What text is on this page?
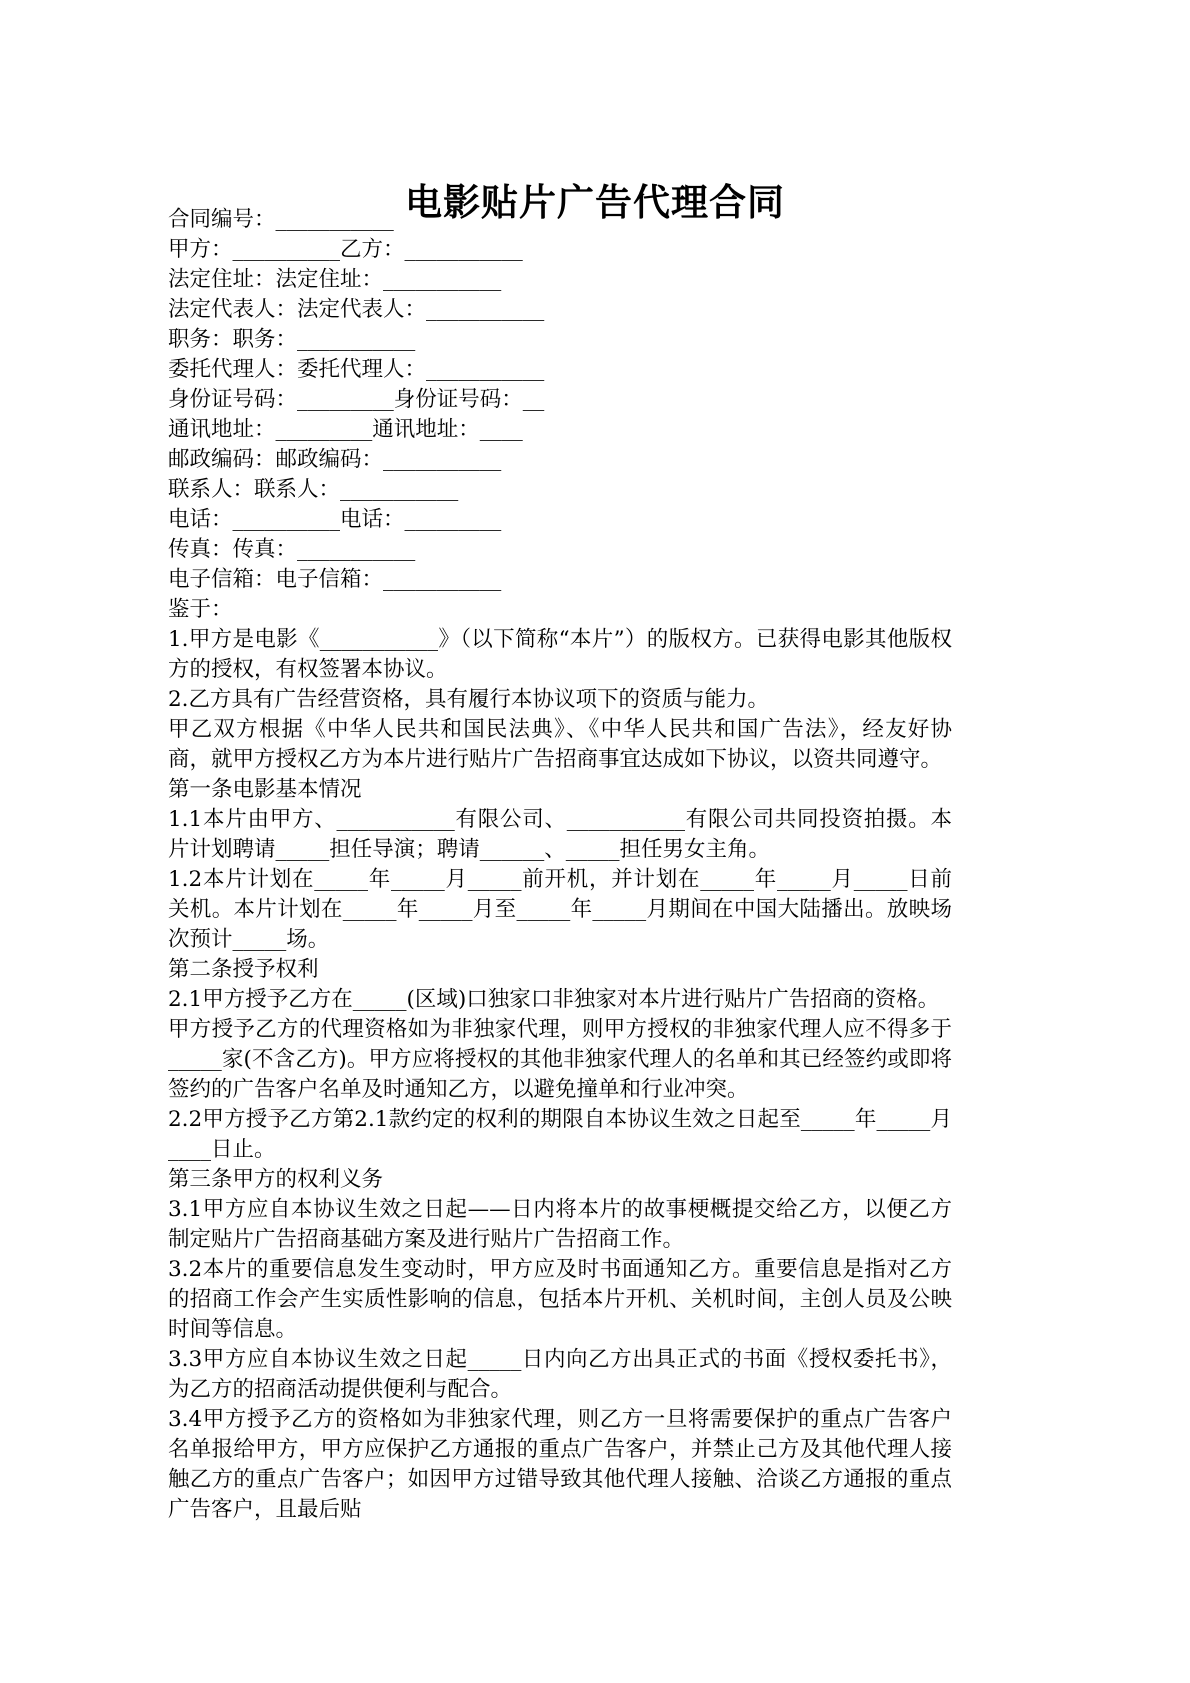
电影贴片广告代理合同

合同编号：___________

甲方：__________乙方：___________

法定住址：法定住址：___________

法定代表人：法定代表人：___________

职务：职务：___________

委托代理人：委托代理人：___________

身份证号码：_________身份证号码：__

通讯地址：_________通讯地址：____

邮政编码：邮政编码：___________

联系人：联系人：___________

电话：__________电话：_________

传真：传真：___________

电子信箱：电子信箱：___________

鉴于：

1.甲方是电影《___________》（以下简称“本片”）的版权方。已获得电影其他版权方的授权，有权签署本协议。

2.乙方具有广告经营资格，具有履行本协议项下的资质与能力。

甲乙双方根据《中华人民共和国民法典》、《中华人民共和国广告法》，经友好协商，就甲方授权乙方为本片进行贴片广告招商事宜达成如下协议，以资共同遵守。

第一条电影基本情况

1.1本片由甲方、___________有限公司、___________有限公司共同投资拍摄。本片计划聘请_____担任导演；聘请______、_____担任男女主角。

1.2本片计划在_____年_____月_____前开机，并计划在_____年_____月_____日前关机。本片计划在_____年_____月至_____年_____月期间在中国大陆播出。放映场次预计_____场。

第二条授予权利

2.1甲方授予乙方在_____(区域)口独家口非独家对本片进行贴片广告招商的资格。

甲方授予乙方的代理资格如为非独家代理，则甲方授权的非独家代理人应不得多于_____家(不含乙方)。甲方应将授权的其他非独家代理人的名单和其已经签约或即将签约的广告客户名单及时通知乙方，以避免撞单和行业冲突。

2.2甲方授予乙方第2.1款约定的权利的期限自本协议生效之日起至_____年_____月____日止。

第三条甲方的权利义务

3.1甲方应自本协议生效之日起——日内将本片的故事梗概提交给乙方，以便乙方制定贴片广告招商基础方案及进行贴片广告招商工作。

3.2本片的重要信息发生变动时，甲方应及时书面通知乙方。重要信息是指对乙方的招商工作会产生实质性影响的信息，包括本片开机、关机时间，主创人员及公映时间等信息。

3.3甲方应自本协议生效之日起_____日内向乙方出具正式的书面《授权委托书》，为乙方的招商活动提供便利与配合。

3.4甲方授予乙方的资格如为非独家代理，则乙方一旦将需要保护的重点广告客户名单报给甲方，甲方应保护乙方通报的重点广告客户，并禁止己方及其他代理人接触乙方的重点广告客户；如因甲方过错导致其他代理人接触、洽谈乙方通报的重点广告客户，且最后贴
